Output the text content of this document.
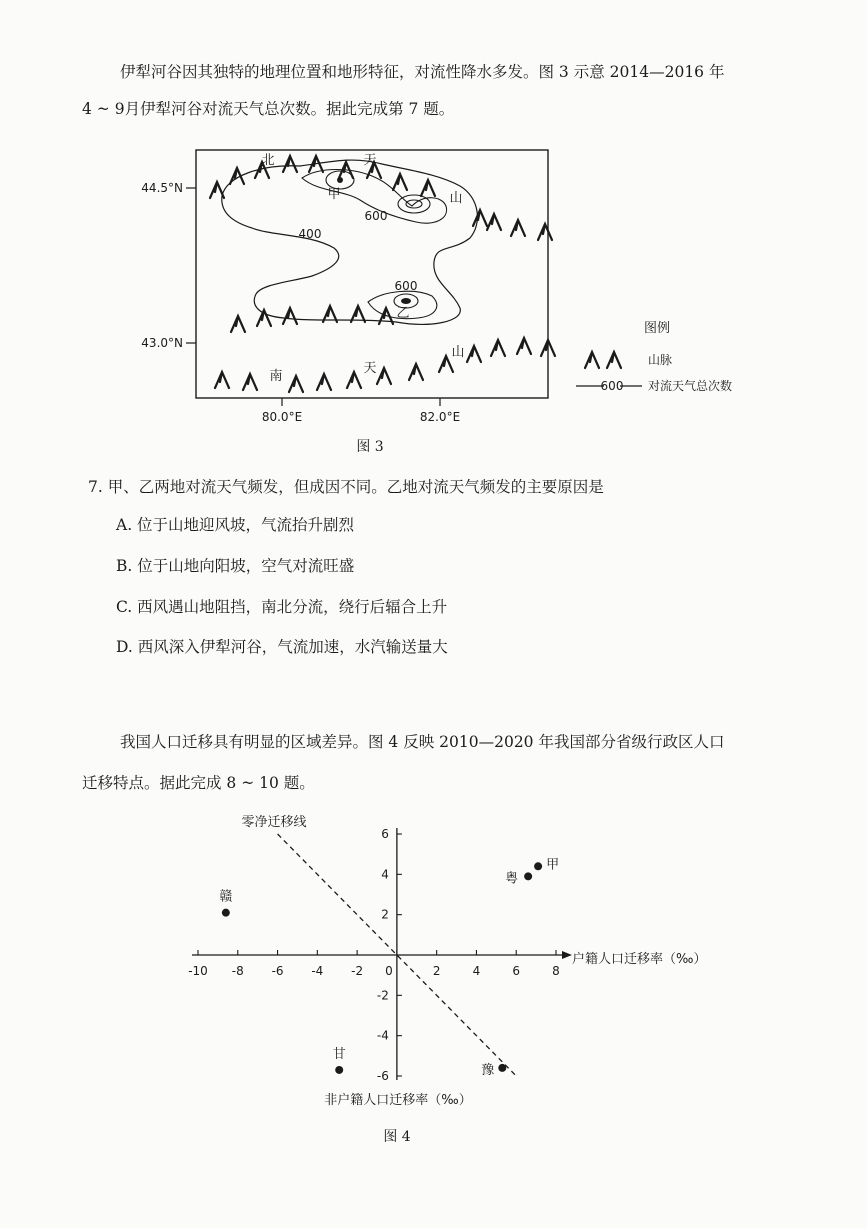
伊犁河谷因其独特的地理位置和地形特征，对流性降水多发。图 3 示意 2014—2016 年

4 ~ 9月伊犁河谷对流天气总次数。据此完成第 7 题。

44.5°N
43.0°N
80.0°E	82.0°E
400
600
600
甲
乙
北	天
山
南
天
山
图例
山脉
600 对流天气总次数
图 3

7. 甲、乙两地对流天气频发，但成因不同。乙地对流天气频发的主要原因是

A. 位于山地迎风坡，气流抬升剧烈

B. 位于山地向阳坡，空气对流旺盛

C. 西风遇山地阻挡，南北分流，绕行后辐合上升

D. 西风深入伊犁河谷，气流加速，水汽输送量大

我国人口迁移具有明显的区域差异。图 4 反映 2010—2020 年我国部分省级行政区人口

迁移特点。据此完成 8 ~ 10 题。

户籍人口迁移率（‰）
非户籍人口迁移率（‰）
零净迁移线
-10 -8 -6 -4 -2 0	2	4	6	8
6
4
2
-2
-4
-6
赣
粤
甲
甘
豫
图 4
